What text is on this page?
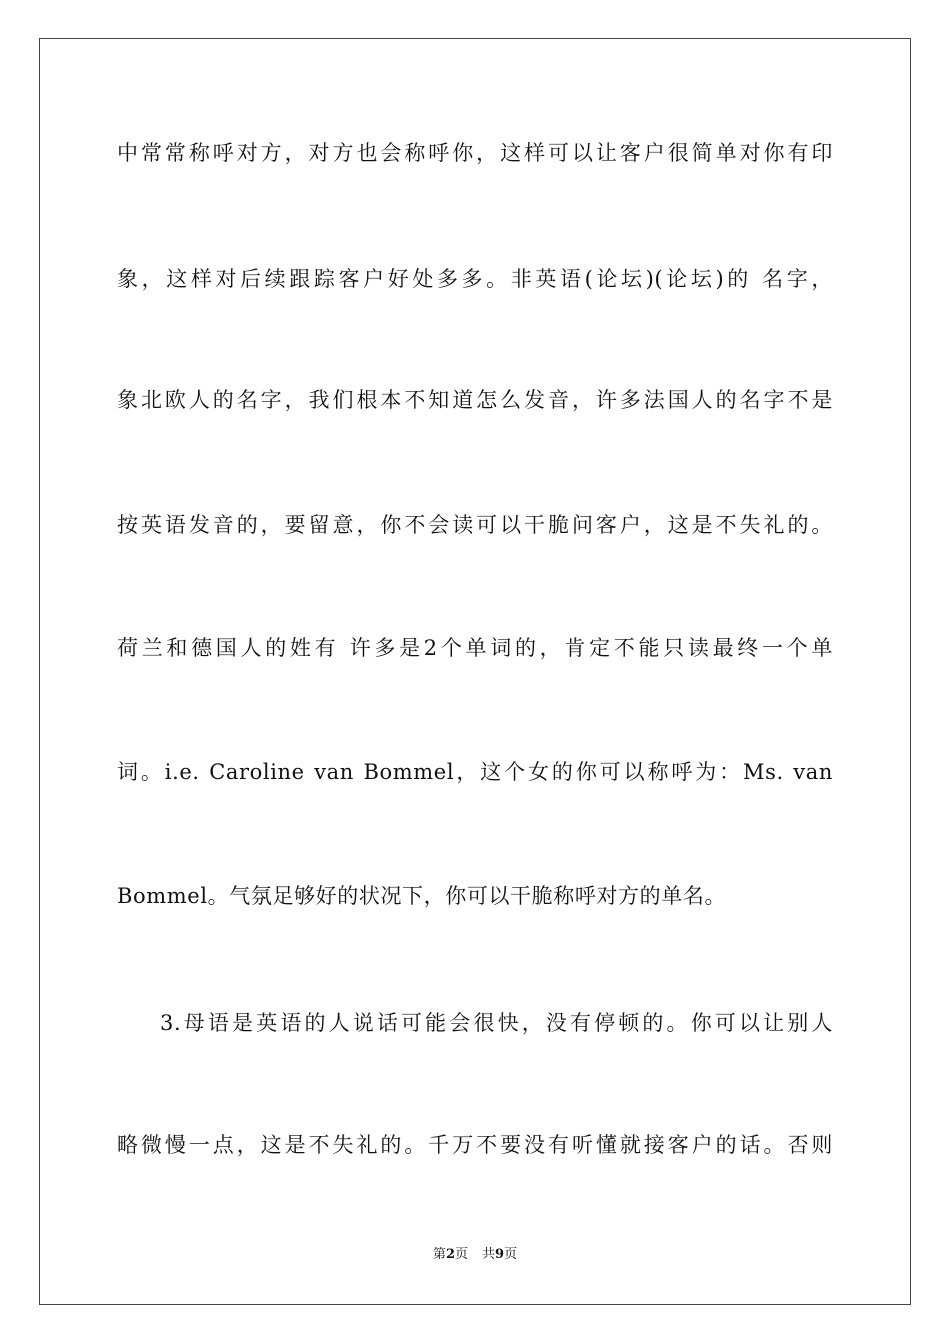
中常常称呼对方，对方也会称呼你，这样可以让客户很简单对你有印
象，这样对后续跟踪客户好处多多。非英语(论坛)(论坛)的 名字，
象北欧人的名字，我们根本不知道怎么发音，许多法国人的名字不是
按英语发音的，要留意，你不会读可以干脆问客户，这是不失礼的。
荷兰和德国人的姓有 许多是2个单词的，肯定不能只读最终一个单
词。i.e. Caroline van Bommel，这个女的你可以称呼为：Ms. van
Bommel。气氛足够好的状况下，你可以干脆称呼对方的单名。
3.母语是英语的人说话可能会很快，没有停顿的。你可以让别人
略微慢一点，这是不失礼的。千万不要没有听懂就接客户的话。否则
第2页 共9页
